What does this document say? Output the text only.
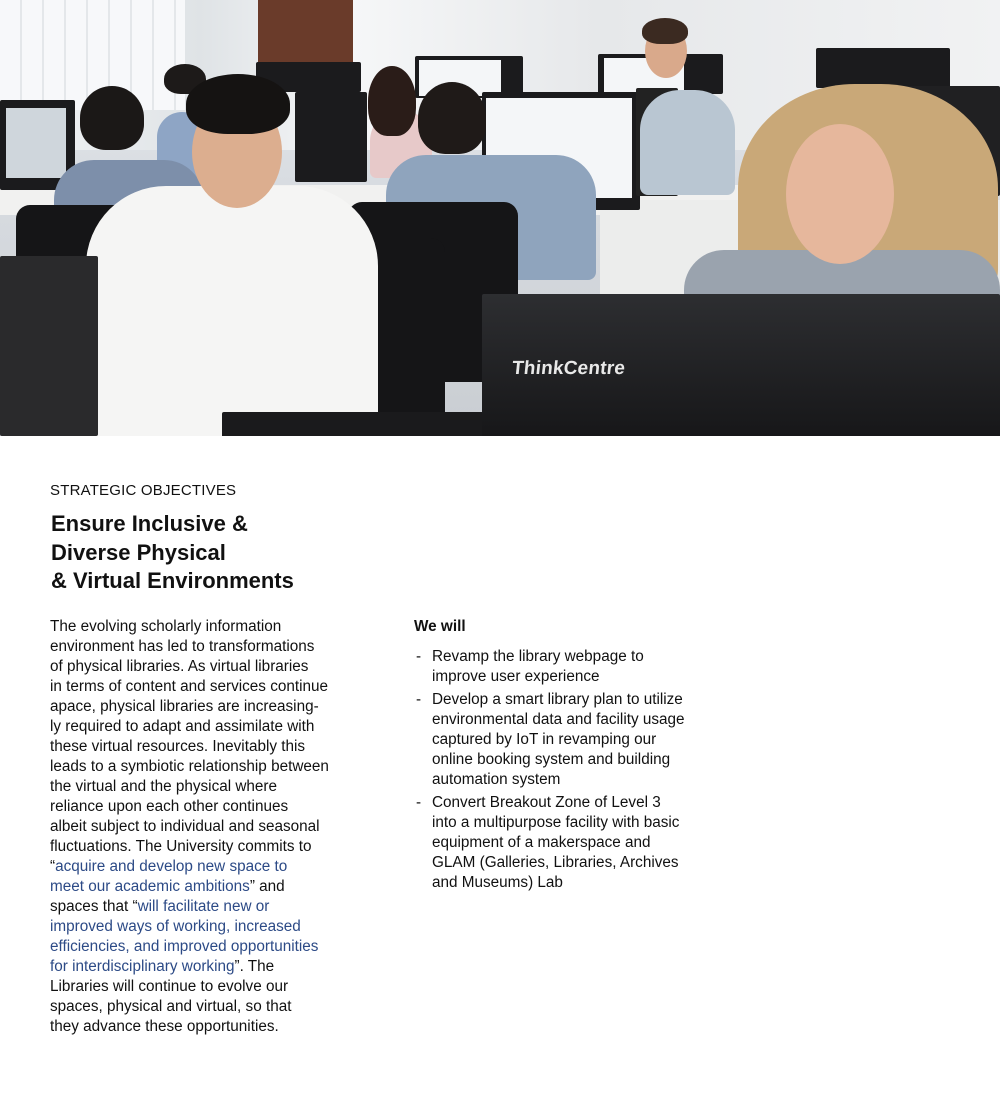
ThinkCentre
STRATEGIC OBJECTIVES
Ensure Inclusive &
Diverse Physical
& Virtual Environments

The evolving scholarly information
environment has led to transformations
of physical libraries. As virtual libraries
in terms of content and services continue
apace, physical libraries are increasing-
ly required to adapt and assimilate with
these virtual resources. Inevitably this
leads to a symbiotic relationship between
the virtual and the physical where
reliance upon each other continues
albeit subject to individual and seasonal
fluctuations. The University commits to
“acquire and develop new space to
meet our academic ambitions” and
spaces that “will facilitate new or
improved ways of working, increased
efficiencies, and improved opportunities
for interdisciplinary working”. The
Libraries will continue to evolve our
spaces, physical and virtual, so that
they advance these opportunities.

We will

- Revamp the library webpage to
improve user experience
- Develop a smart library plan to utilize
environmental data and facility usage
captured by IoT in revamping our
online booking system and building
automation system
- Convert Breakout Zone of Level 3
into a multipurpose facility with basic
equipment of a makerspace and
GLAM (Galleries, Libraries, Archives
and Museums) Lab
